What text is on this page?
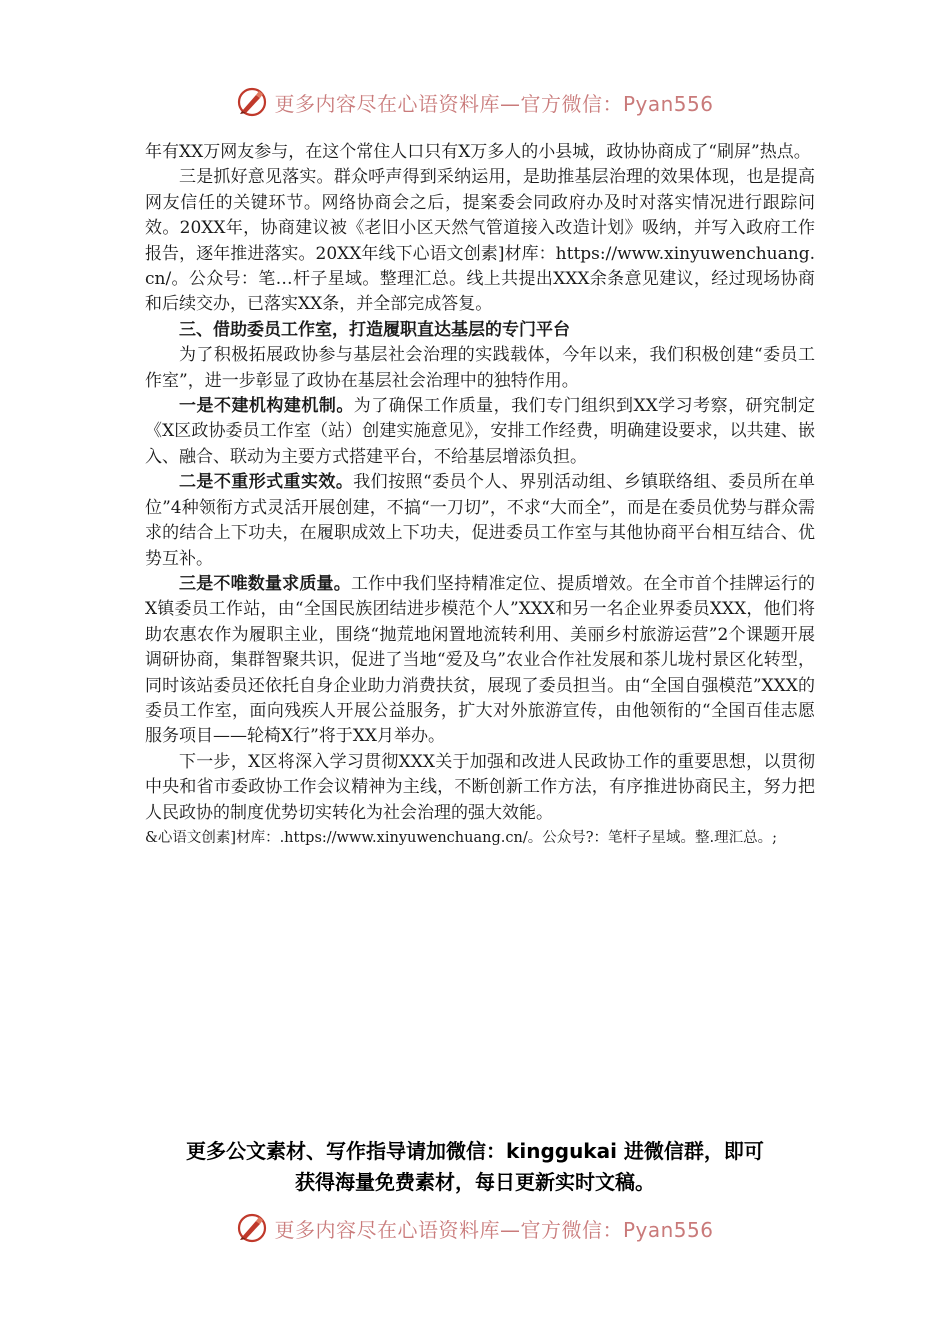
更多内容尽在心语资料库—官方微信：Pyan556

年有XX万网友参与，在这个常住人口只有X万多人的小县城，政协协商成了“刷屏”热点。

三是抓好意见落实。群众呼声得到采纳运用，是助推基层治理的效果体现，也是提高网友信任的关键环节。网络协商会之后，提案委会同政府办及时对落实情况进行跟踪问效。20XX年，协商建议被《老旧小区天然气管道接入改造计划》吸纳，并写入政府工作报告，逐年推进落实。20XX年线下心语文创素]材库：https://www.xinyuwenchuang.cn/。公众号：笔…杆子星域。整理汇总。线上共提出XXX余条意见建议，经过现场协商和后续交办，已落实XX条，并全部完成答复。

三、借助委员工作室，打造履职直达基层的专门平台

为了积极拓展政协参与基层社会治理的实践载体，今年以来，我们积极创建“委员工作室”，进一步彰显了政协在基层社会治理中的独特作用。

一是不建机构建机制。为了确保工作质量，我们专门组织到XX学习考察，研究制定《X区政协委员工作室（站）创建实施意见》，安排工作经费，明确建设要求，以共建、嵌入、融合、联动为主要方式搭建平台，不给基层增添负担。

二是不重形式重实效。我们按照“委员个人、界别活动组、乡镇联络组、委员所在单位”4种领衔方式灵活开展创建，不搞“一刀切”，不求“大而全”，而是在委员优势与群众需求的结合上下功夫，在履职成效上下功夫，促进委员工作室与其他协商平台相互结合、优势互补。

三是不唯数量求质量。工作中我们坚持精准定位、提质增效。在全市首个挂牌运行的X镇委员工作站，由“全国民族团结进步模范个人”XXX和另一名企业界委员XXX，他们将助农惠农作为履职主业，围绕“抛荒地闲置地流转利用、美丽乡村旅游运营”2个课题开展调研协商，集群智聚共识，促进了当地“爱及乌”农业合作社发展和茶儿垅村景区化转型，同时该站委员还依托自身企业助力消费扶贫，展现了委员担当。由“全国自强模范”XXX的委员工作室，面向残疾人开展公益服务，扩大对外旅游宣传，由他领衔的“全国百佳志愿服务项目——轮椅X行”将于XX月举办。

下一步，X区将深入学习贯彻XXX关于加强和改进人民政协工作的重要思想，以贯彻中央和省市委政协工作会议精神为主线，不断创新工作方法，有序推进协商民主，努力把人民政协的制度优势切实转化为社会治理的强大效能。

&心语文创素]材库：.https://www.xinyuwenchuang.cn/。公众号?：笔杆子星域。整.理汇总。;

更多公文素材、写作指导请加微信：kinggukai 进微信群，即可
获得海量免费素材，每日更新实时文稿。
更多内容尽在心语资料库—官方微信：Pyan556
